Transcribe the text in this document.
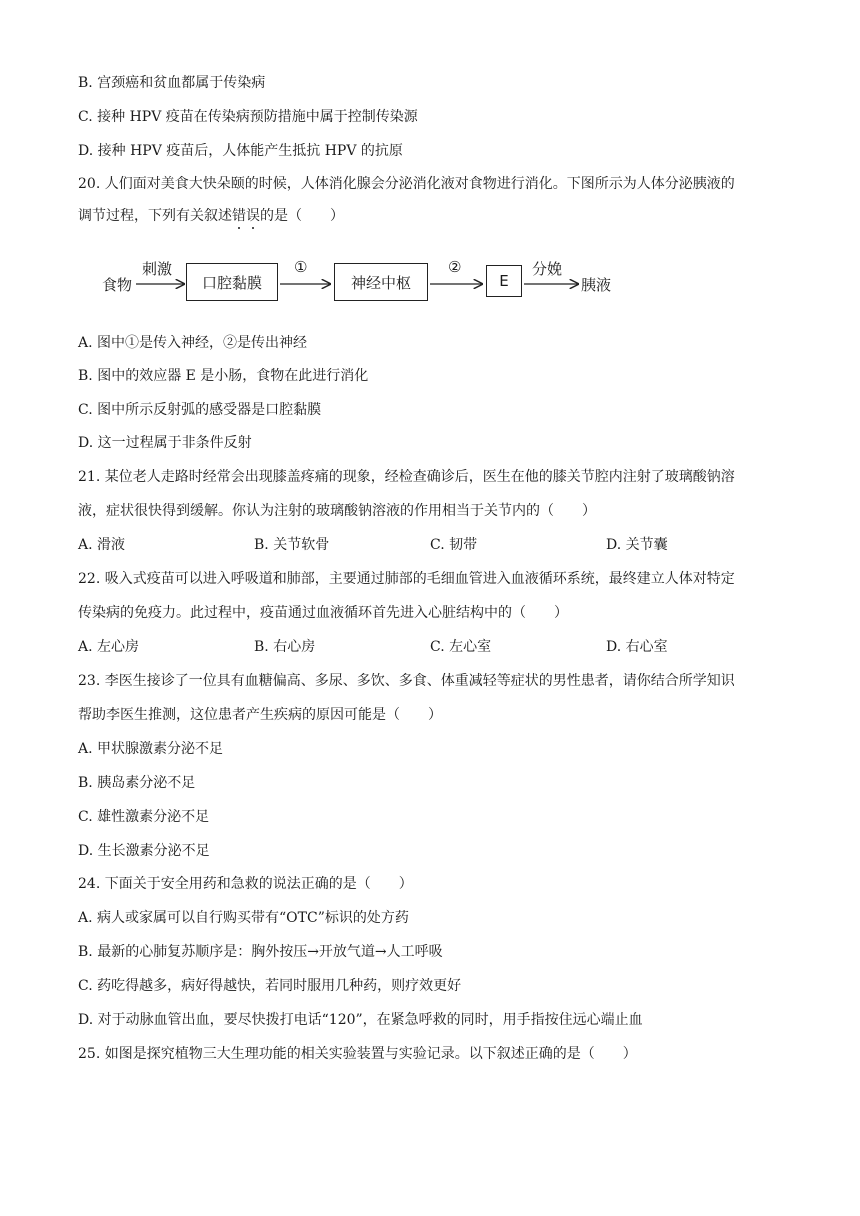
B. 宫颈癌和贫血都属于传染病
C. 接种 HPV 疫苗在传染病预防措施中属于控制传染源
D. 接种 HPV 疫苗后，人体能产生抵抗 HPV 的抗原
20. 人们面对美食大快朵颐的时候，人体消化腺会分泌消化液对食物进行消化。下图所示为人体分泌胰液的
调节过程，下列有关叙述错误的是（　　）
食物
刺激
口腔黏膜
①
神经中枢
②
E
分娩
胰液
A. 图中①是传入神经，②是传出神经
B. 图中的效应器 E 是小肠，食物在此进行消化
C. 图中所示反射弧的感受器是口腔黏膜
D. 这一过程属于非条件反射
21. 某位老人走路时经常会出现膝盖疼痛的现象，经检查确诊后，医生在他的膝关节腔内注射了玻璃酸钠溶
液，症状很快得到缓解。你认为注射的玻璃酸钠溶液的作用相当于关节内的（　　）
A. 滑液	B. 关节软骨	C. 韧带	D. 关节囊
22. 吸入式疫苗可以进入呼吸道和肺部，主要通过肺部的毛细血管进入血液循环系统，最终建立人体对特定
传染病的免疫力。此过程中，疫苗通过血液循环首先进入心脏结构中的（　　）
A. 左心房	B. 右心房	C. 左心室	D. 右心室
23. 李医生接诊了一位具有血糖偏高、多尿、多饮、多食、体重减轻等症状的男性患者，请你结合所学知识
帮助李医生推测，这位患者产生疾病的原因可能是（　　）
A. 甲状腺激素分泌不足
B. 胰岛素分泌不足
C. 雄性激素分泌不足
D. 生长激素分泌不足
24. 下面关于安全用药和急救的说法正确的是（　　）
A. 病人或家属可以自行购买带有“OTC”标识的处方药
B. 最新的心肺复苏顺序是：胸外按压→开放气道→人工呼吸
C. 药吃得越多，病好得越快，若同时服用几种药，则疗效更好
D. 对于动脉血管出血，要尽快拨打电话“120”，在紧急呼救的同时，用手指按住远心端止血
25. 如图是探究植物三大生理功能的相关实验装置与实验记录。以下叙述正确的是（　　）
